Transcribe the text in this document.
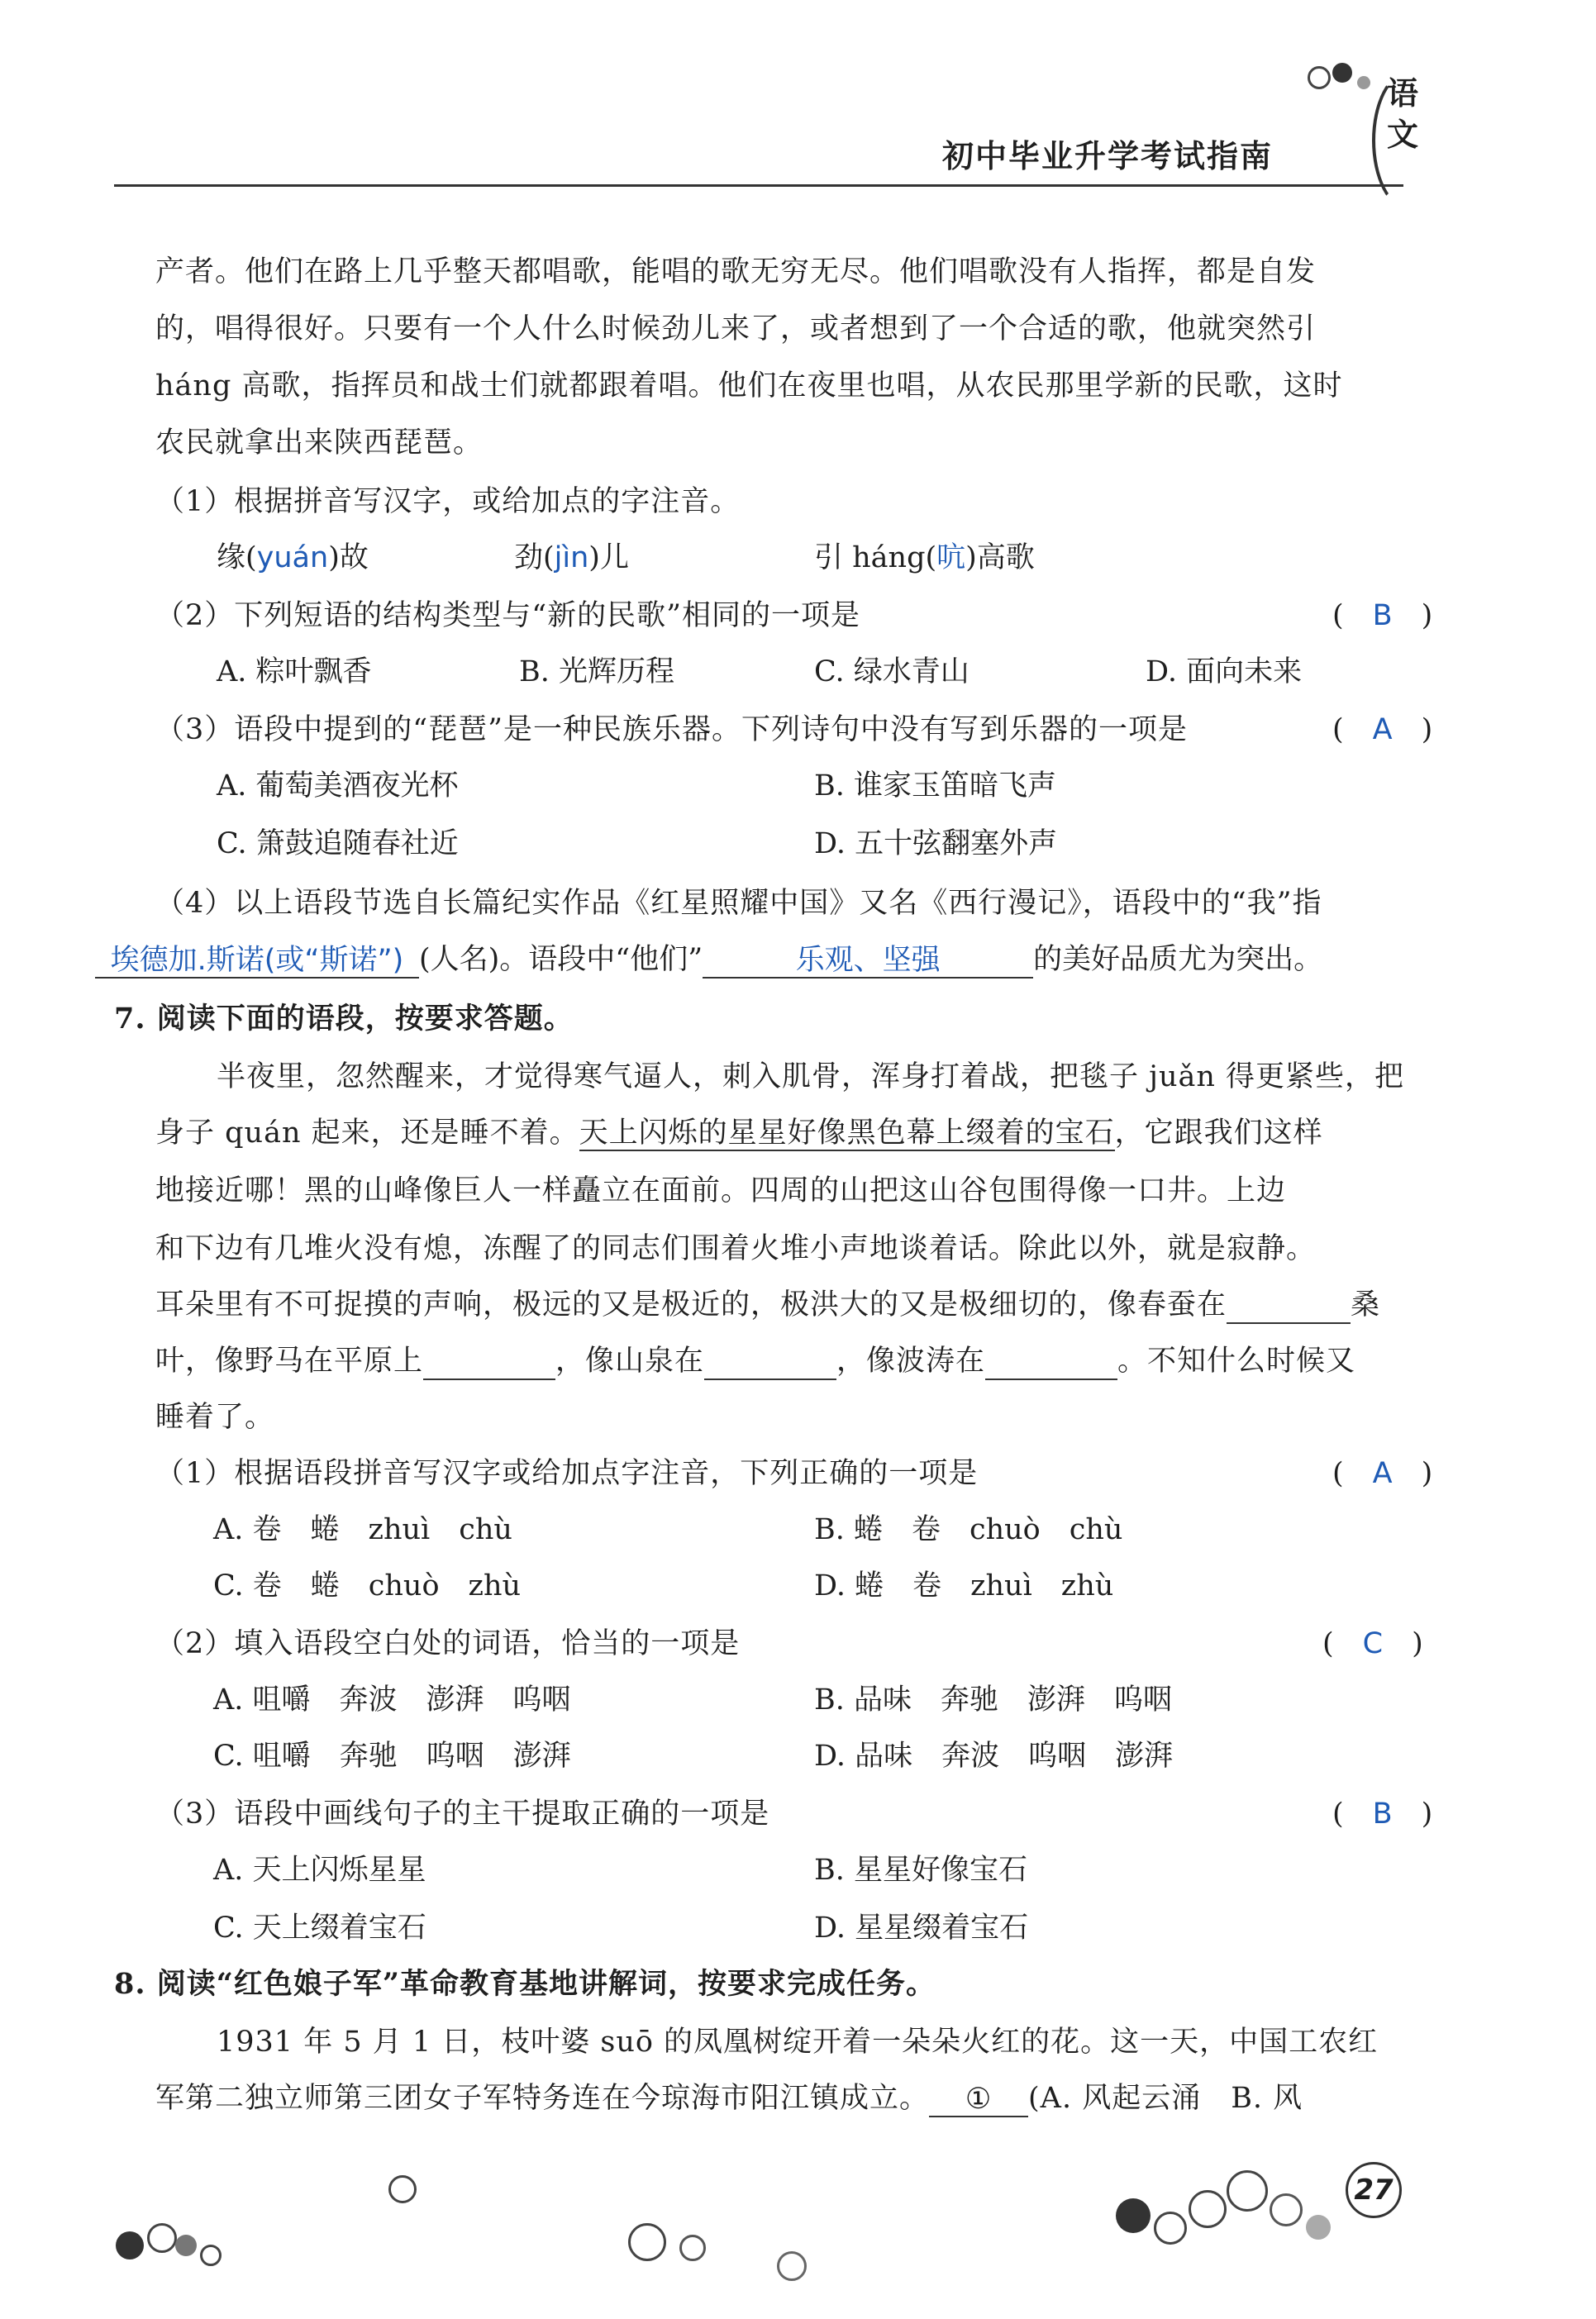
初中毕业升学考试指南
语
文
产者。他们在路上几乎整天都唱歌，能唱的歌无穷无尽。他们唱歌没有人指挥，都是自发
的，唱得很好。只要有一个人什么时候劲儿来了，或者想到了一个合适的歌，他就突然引
háng 高歌，指挥员和战士们就都跟着唱。他们在夜里也唱，从农民那里学新的民歌，这时
农民就拿出来陕西琵琶。
（1）根据拼音写汉字，或给加点的字注音。
缘(yuán)故	劲(jìn)儿	引 háng(吭)高歌
（2）下列短语的结构类型与“新的民歌”相同的一项是	(　B　)
A. 粽叶飘香	B. 光辉历程	C. 绿水青山	D. 面向未来
（3）语段中提到的“琵琶”是一种民族乐器。下列诗句中没有写到乐器的一项是	(　A　)
A. 葡萄美酒夜光杯	B. 谁家玉笛暗飞声
C. 箫鼓追随春社近	D. 五十弦翻塞外声
（4）以上语段节选自长篇纪实作品《红星照耀中国》又名《西行漫记》，语段中的“我”指
埃德加.斯诺(或“斯诺”) (人名)。语段中“他们”	乐观、坚强	的美好品质尤为突出。
7. 阅读下面的语段，按要求答题。
半夜里，忽然醒来，才觉得寒气逼人，刺入肌骨，浑身打着战，把毯子 juǎn 得更紧些，把
身子 quán 起来，还是睡不着。天上闪烁的星星好像黑色幕上缀着的宝石，它跟我们这样
地接近哪！黑的山峰像巨人一样矗立在面前。四周的山把这山谷包围得像一口井。上边
和下边有几堆火没有熄，冻醒了的同志们围着火堆小声地谈着话。除此以外，就是寂静。
耳朵里有不可捉摸的声响，极远的又是极近的，极洪大的又是极细切的，像春蚕在	桑
叶，像野马在平原上	，像山泉在	，像波涛在	。不知什么时候又
睡着了。
（1）根据语段拼音写汉字或给加点字注音，下列正确的一项是	(　A　)
A. 卷　蜷　zhuì　chù	B. 蜷　卷　chuò　chù
C. 卷　蜷　chuò　zhù	D. 蜷　卷　zhuì　zhù
（2）填入语段空白处的词语，恰当的一项是	(　C　)
A. 咀嚼　奔波　澎湃　呜咽	B. 品味　奔驰　澎湃　呜咽
C. 咀嚼　奔驰　呜咽　澎湃	D. 品味　奔波　呜咽　澎湃
（3）语段中画线句子的主干提取正确的一项是	(　B　)
A. 天上闪烁星星	B. 星星好像宝石
C. 天上缀着宝石	D. 星星缀着宝石
8. 阅读“红色娘子军”革命教育基地讲解词，按要求完成任务。
1931 年 5 月 1 日，枝叶婆 suō 的凤凰树绽开着一朵朵火红的花。这一天，中国工农红
军第二独立师第三团女子军特务连在今琼海市阳江镇成立。 ① (A. 风起云涌　B. 风
27
